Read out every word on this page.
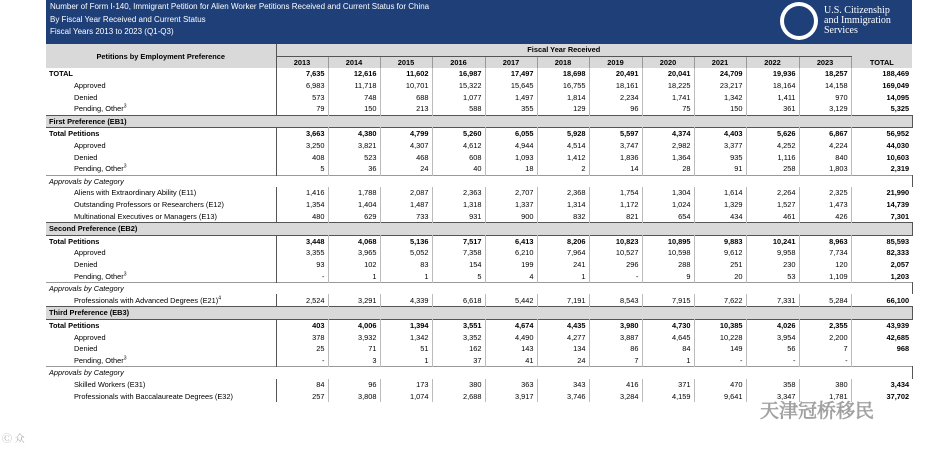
Number of Form I-140, Immigrant Petition for Alien Worker Petitions Received and Current Status for China
By Fiscal Year Received and Current Status
Fiscal Years 2013 to 2023 (Q1-Q3)
U.S. Citizenship
and Immigration
Services
Petitions by Employment Preference	Fiscal Year Received											
	2013	2014	2015	2016	2017	2018	2019	2020	2021	2022	2023	TOTAL
TOTAL	7,635	12,616	11,602	16,987	17,497	18,698	20,491	20,041	24,709	19,936	18,257	188,469
Approved	6,983	11,718	10,701	15,322	15,645	16,755	18,161	18,225	23,217	18,164	14,158	169,049
Denied	573	748	688	1,077	1,497	1,814	2,234	1,741	1,342	1,411	970	14,095
Pending, Other$^3$	79	150	213	588	355	129	96	75	150	361	3,129	5,325
First Preference (EB1)												
Total Petitions	3,663	4,380	4,799	5,260	6,055	5,928	5,597	4,374	4,403	5,626	6,867	56,952
Approved	3,250	3,821	4,307	4,612	4,944	4,514	3,747	2,982	3,377	4,252	4,224	44,030
Denied	408	523	468	608	1,093	1,412	1,836	1,364	935	1,116	840	10,603
Pending, Other$^3$	5	36	24	40	18	2	14	28	91	258	1,803	2,319
Approvals by Category												
Aliens with Extraordinary Ability (E11)	1,416	1,788	2,087	2,363	2,707	2,368	1,754	1,304	1,614	2,264	2,325	21,990
Outstanding Professors or Researchers (E12)	1,354	1,404	1,487	1,318	1,337	1,314	1,172	1,024	1,329	1,527	1,473	14,739
Multinational Executives or Managers (E13)	480	629	733	931	900	832	821	654	434	461	426	7,301
Second Preference (EB2)												
Total Petitions	3,448	4,068	5,136	7,517	6,413	8,206	10,823	10,895	9,883	10,241	8,963	85,593
Approved	3,355	3,965	5,052	7,358	6,210	7,964	10,527	10,598	9,612	9,958	7,734	82,333
Denied	93	102	83	154	199	241	296	288	251	230	120	2,057
Pending, Other$^3$	-	1	1	5	4	1	-	9	20	53	1,109	1,203
Approvals by Category												
Professionals with Advanced Degrees $(E21)^4$	2,524	3,291	4,339	6,618	5,442	7,191	8,543	7,915	7,622	7,331	5,284	66,100
Third Preference (EB3)												
Total Petitions	403	4,006	1,394	3,551	4,674	4,435	3,980	4,730	10,385	4,026	2,355	43,939
Approved	378	3,932	1,342	3,352	4,490	4,277	3,887	4,645	10,228	3,954	2,200	42,685
Denied	25	71	51	162	143	134	86	84	149	56	7	968
Pending, Other$^3$	-	3	1	37	41	24	7	1	-	-	-	
Approvals by Category												
Skilled Workers (E31)	84	96	173	380	363	343	416	371	470	358	380	3,434
Professionals with Baccalaureate Degrees (E32)	257	3,808	1,074	2,688	3,917	3,746	3,284	4,159	9,641	3,347	1,781	37,702
天津冠桥移民
Ⓒ 众
